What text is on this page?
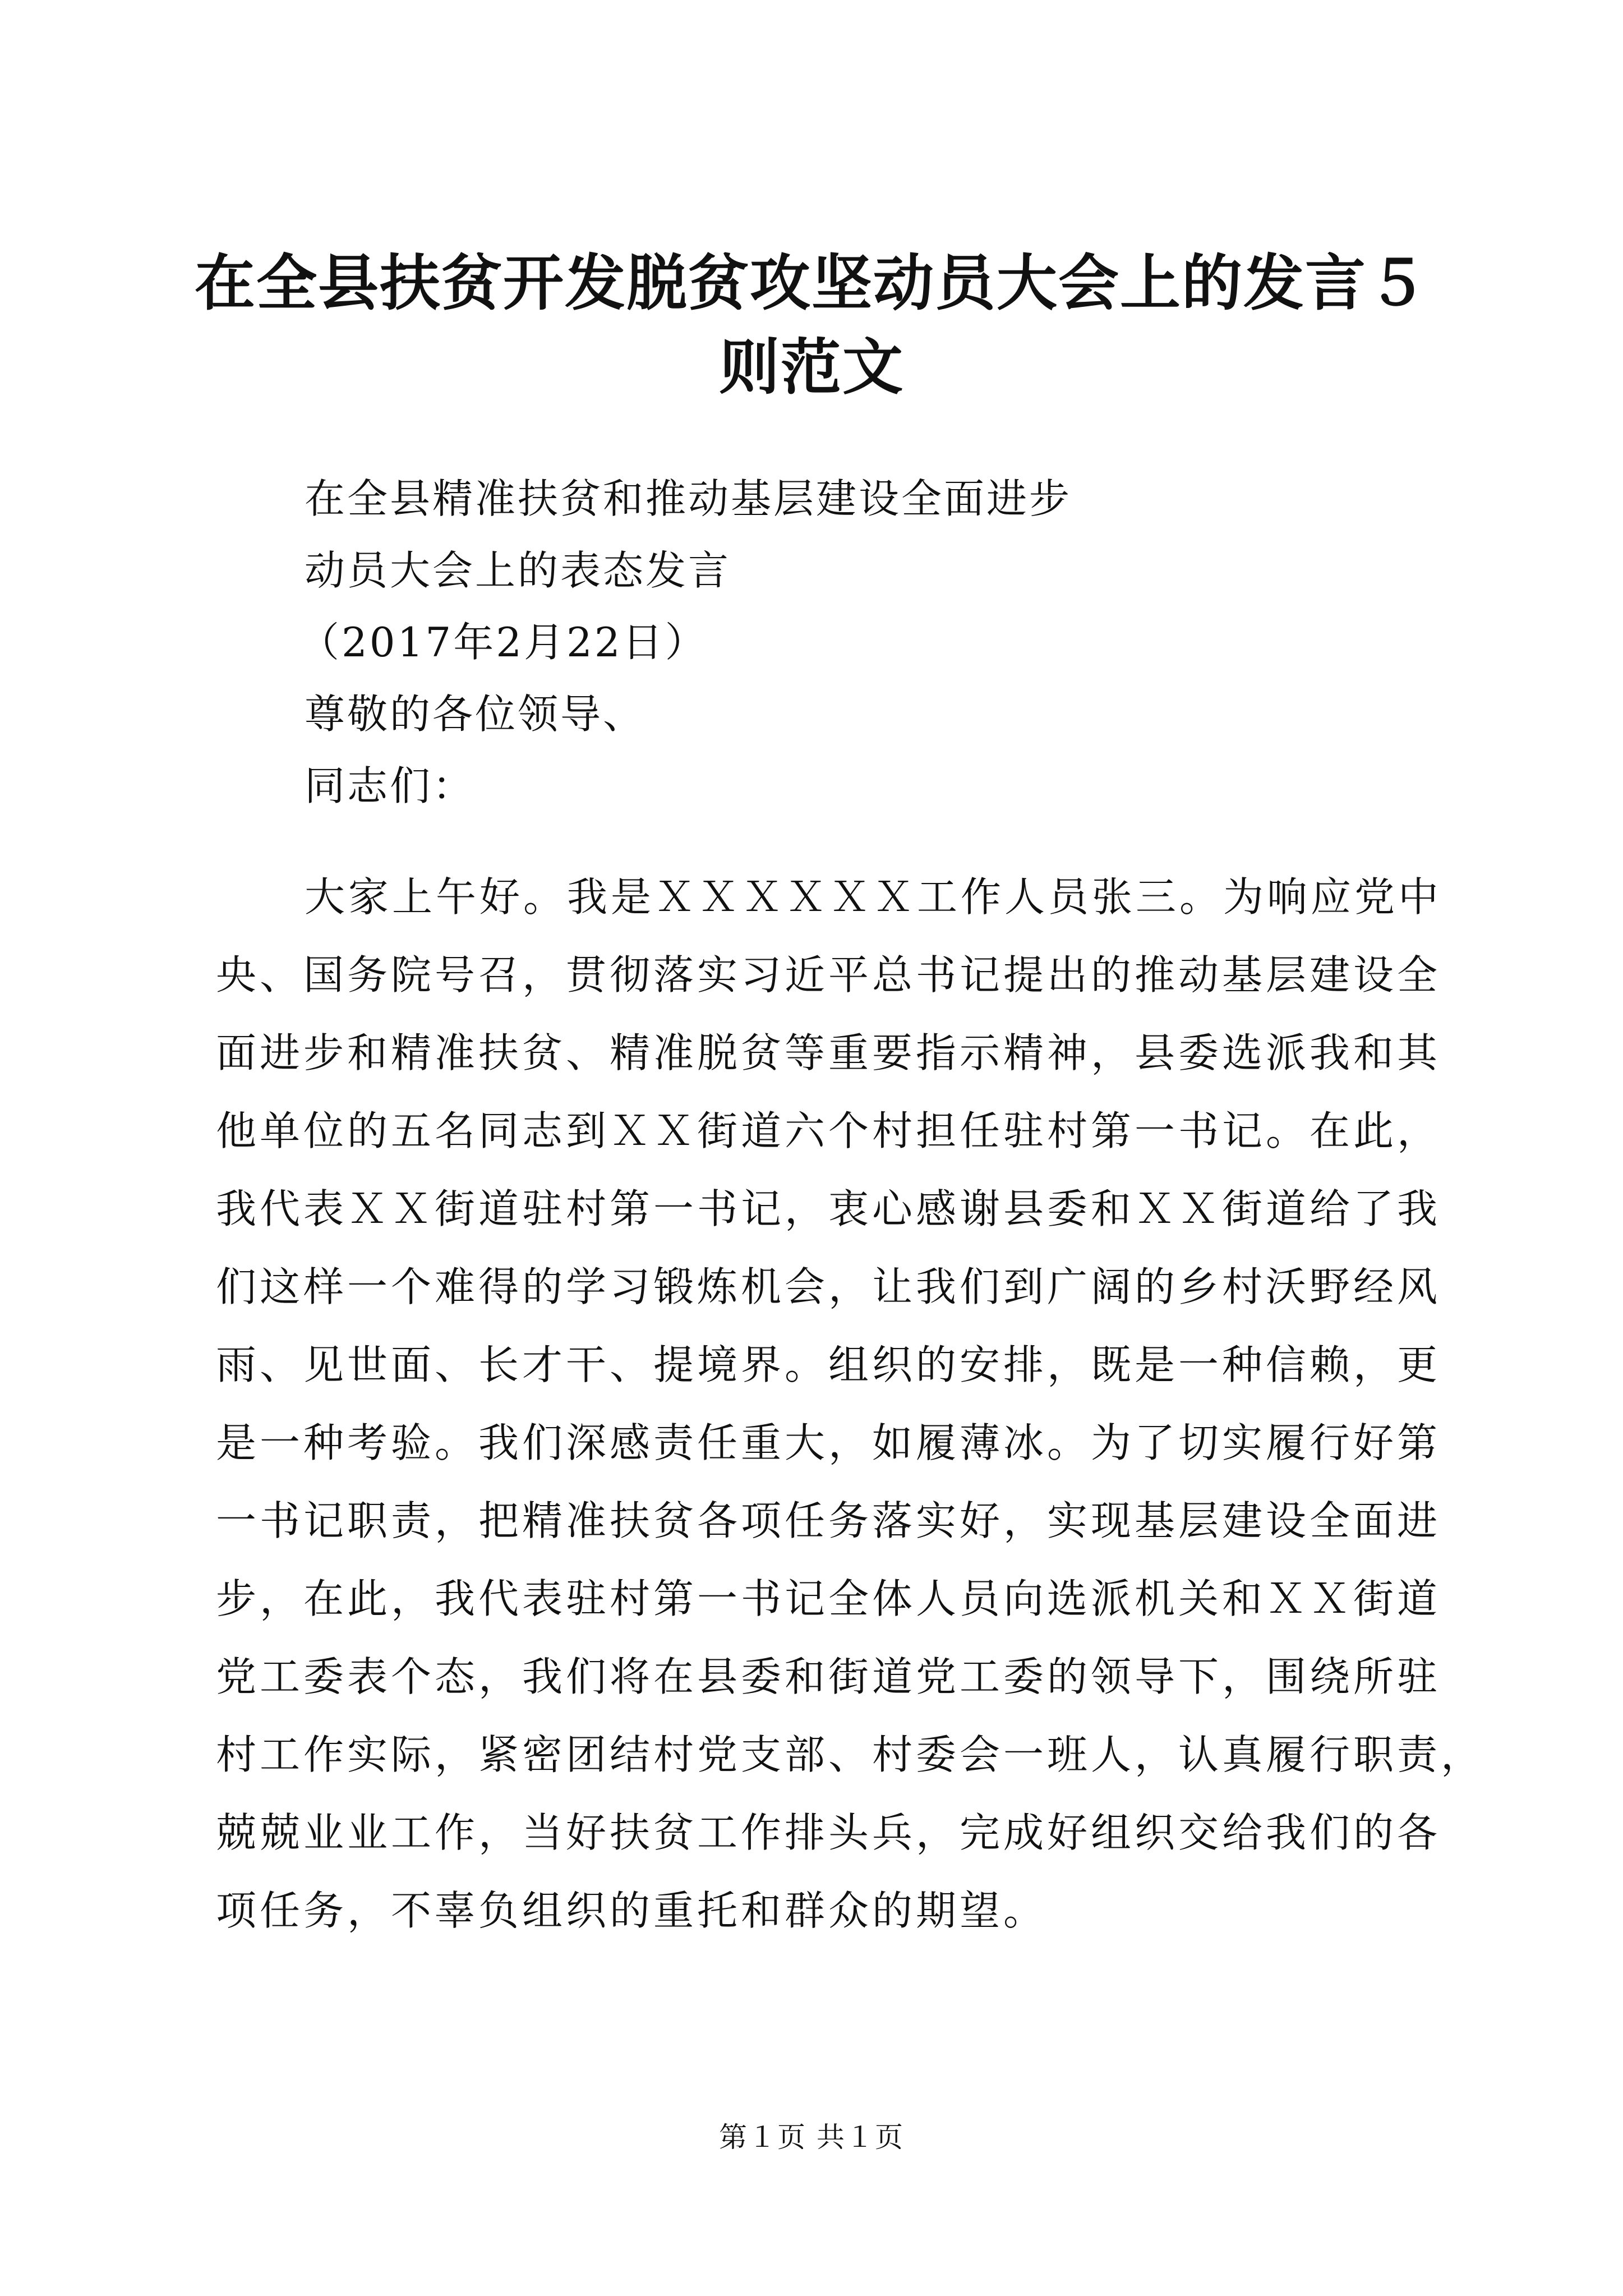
在全县扶贫开发脱贫攻坚动员大会上的发言５
则范文

在全县精准扶贫和推动基层建设全面进步

动员大会上的表态发言

（2017年2月22日）

尊敬的各位领导、

同志们：

大家上午好。我是ＸＸＸＸＸＸ工作人员张三。为响应党中
央、国务院号召，贯彻落实习近平总书记提出的推动基层建设全
面进步和精准扶贫、精准脱贫等重要指示精神，县委选派我和其
他单位的五名同志到ＸＸ街道六个村担任驻村第一书记。在此，
我代表ＸＸ街道驻村第一书记，衷心感谢县委和ＸＸ街道给了我
们这样一个难得的学习锻炼机会，让我们到广阔的乡村沃野经风
雨、见世面、长才干、提境界。组织的安排，既是一种信赖，更
是一种考验。我们深感责任重大，如履薄冰。为了切实履行好第
一书记职责，把精准扶贫各项任务落实好，实现基层建设全面进
步，在此，我代表驻村第一书记全体人员向选派机关和ＸＸ街道
党工委表个态，我们将在县委和街道党工委的领导下，围绕所驻
村工作实际，紧密团结村党支部、村委会一班人，认真履行职责，
兢兢业业工作，当好扶贫工作排头兵，完成好组织交给我们的各
项任务，不辜负组织的重托和群众的期望。

第１页 共１页
